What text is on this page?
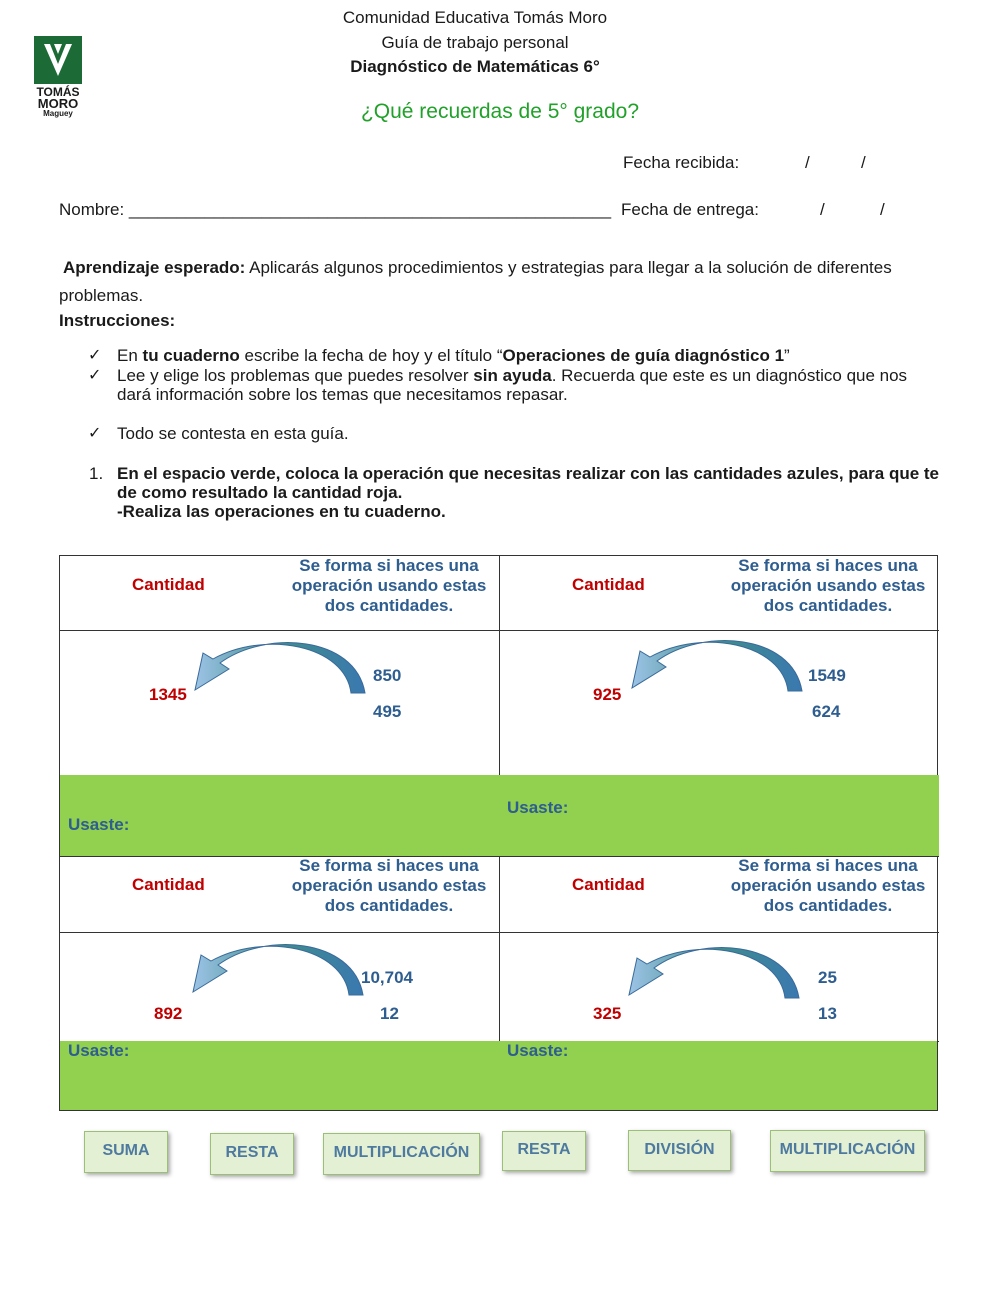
Comunidad Educativa Tomás Moro
Guía de trabajo personal
Diagnóstico de Matemáticas 6°
TOMÁS
MORO
Maguey	¿Qué recuerdas de 5° grado?
Fecha recibida:	/	/
Nombre: ___________________________________________________ Fecha de entrega:	/	/
Aprendizaje esperado: Aplicarás algunos procedimientos y estrategias para llegar a la solución de diferentes
problemas.
Instrucciones:
✓ En tu cuaderno escribe la fecha de hoy y el título “Operaciones de guía diagnóstico 1”
✓ Lee y elige los problemas que puedes resolver sin ayuda. Recuerda que este es un diagnóstico que nos
dará información sobre los temas que necesitamos repasar.
✓ Todo se contesta en esta guía.
1. En el espacio verde, coloca la operación que necesitas realizar con las cantidades azules, para que te
de como resultado la cantidad roja.
-Realiza las operaciones en tu cuaderno.
Cantidad
Se forma si haces una
operación usando estas
dos cantidades.
Cantidad
Se forma si haces una
operación usando estas
dos cantidades.
1345
850
495
925
1549
624
Usaste:
Usaste:
Cantidad
Se forma si haces una
operación usando estas
dos cantidades.
Cantidad
Se forma si haces una
operación usando estas
dos cantidades.
892
10,704
12	325
25
13
Usaste:	Usaste:
SUMA	RESTA	MULTIPLICACIÓN	RESTA	DIVISIÓN	MULTIPLICACIÓN
